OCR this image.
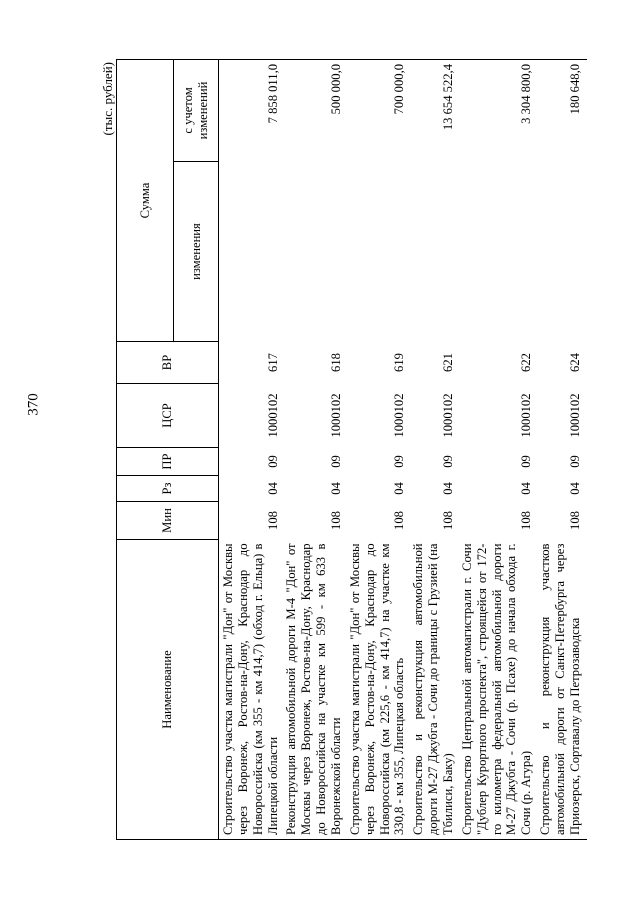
370
(тыс. рублей)
Наименование	Мин	Рз	ПР	ЦСР	ВР	Сумма	
						изменения	с учетом изменений
Строительство участка магистрали "Дон" от Москвы через Воронеж, Ростов-на-Дону, Краснодар до Новороссийска (км 355 - км 414,7) (обход г. Ельца) в Липецкой области	108	04	09	1000102	617		7 858 011,0
Реконструкция автомобильной дороги М-4 "Дон" от Москвы через Воронеж, Ростов-на-Дону, Краснодар до Новороссийска на участке км 599 - км 633 в Воронежской области	108	04	09	1000102	618		500 000,0
Строительство участка магистрали "Дон" от Москвы через Воронеж, Ростов-на-Дону, Краснодар до Новороссийска (км 225,6 - км 414,7) на участке км 330,8 - км 355, Липецкая область	108	04	09	1000102	619		700 000,0
Строительство и реконструкция автомобильной дороги М-27 Джубга - Сочи до границы с Грузией (на Тбилиси, Баку)	108	04	09	1000102	621		13 654 522,4
Строительство Центральной автомагистрали г. Сочи "Дублер Курортного проспекта", строящейся от 172-го километра федеральной автомобильной дороги М-27 Джубга - Сочи (р. Псахе) до начала обхода г. Сочи (р. Агура)	108	04	09	1000102	622		3 304 800,0
Строительство и реконструкция участков автомобильной дороги от Санкт-Петербурга через Приозерск, Сортавалу до Петрозаводска	108	04	09	1000102	624		180 648,0
